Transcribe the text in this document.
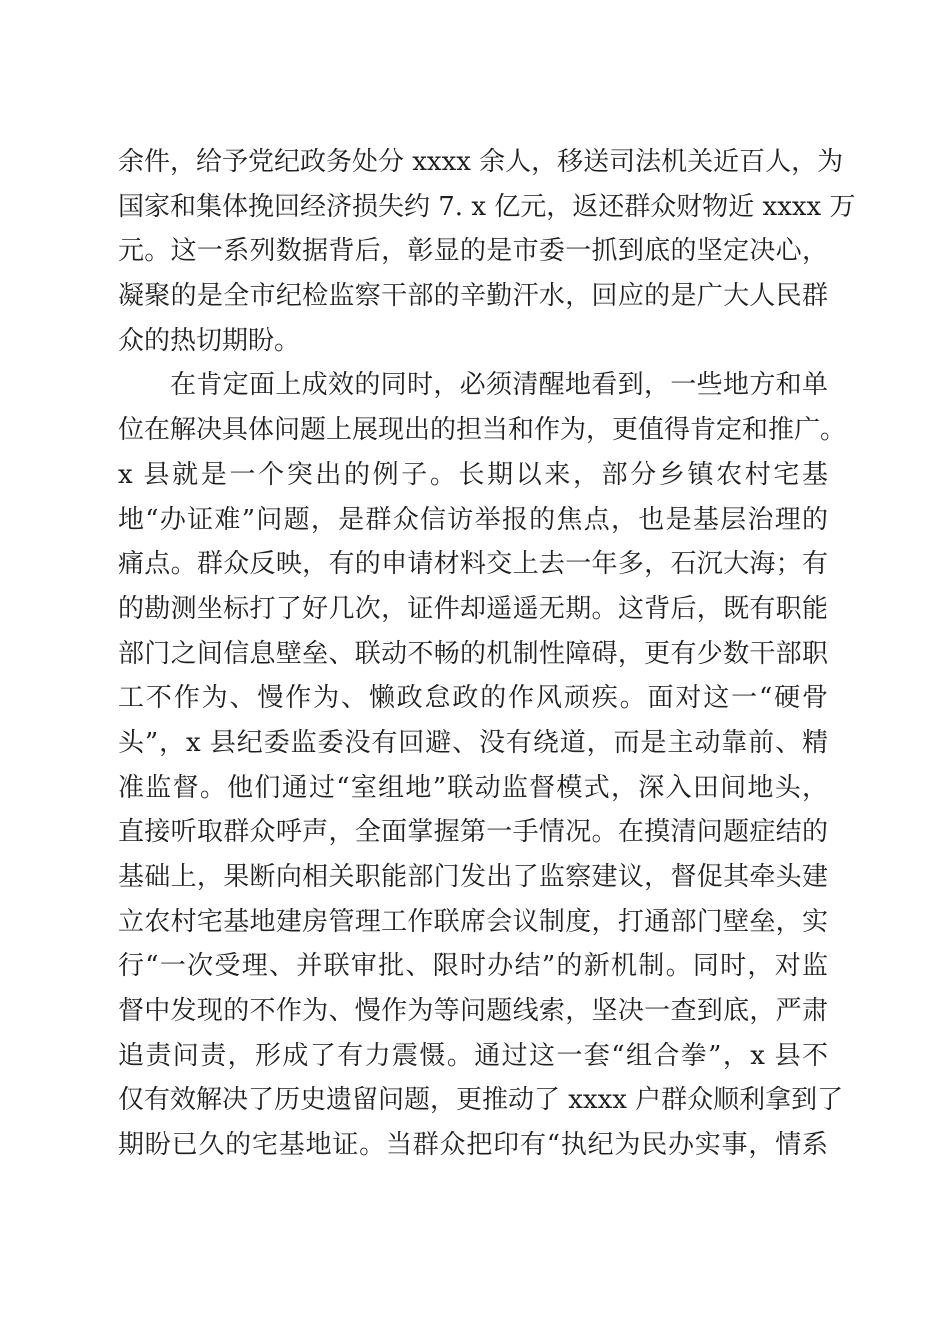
余件，给予党纪政务处分 xxxx 余人，移送司法机关近百人，为
国家和集体挽回经济损失约 7. x 亿元，返还群众财物近 xxxx 万
元。这一系列数据背后，彰显的是市委一抓到底的坚定决心，
凝聚的是全市纪检监察干部的辛勤汗水，回应的是广大人民群
众的热切期盼。
在肯定面上成效的同时，必须清醒地看到，一些地方和单
位在解决具体问题上展现出的担当和作为，更值得肯定和推广。
x 县就是一个突出的例子。长期以来，部分乡镇农村宅基
地“办证难”问题，是群众信访举报的焦点，也是基层治理的
痛点。群众反映，有的申请材料交上去一年多，石沉大海；有
的勘测坐标打了好几次，证件却遥遥无期。这背后，既有职能
部门之间信息壁垒、联动不畅的机制性障碍，更有少数干部职
工不作为、慢作为、懒政怠政的作风顽疾。面对这一“硬骨
头”，x 县纪委监委没有回避、没有绕道，而是主动靠前、精
准监督。他们通过“室组地”联动监督模式，深入田间地头，
直接听取群众呼声，全面掌握第一手情况。在摸清问题症结的
基础上，果断向相关职能部门发出了监察建议，督促其牵头建
立农村宅基地建房管理工作联席会议制度，打通部门壁垒，实
行“一次受理、并联审批、限时办结”的新机制。同时，对监
督中发现的不作为、慢作为等问题线索，坚决一查到底，严肃
追责问责，形成了有力震慑。通过这一套“组合拳”，x 县不
仅有效解决了历史遗留问题，更推动了 xxxx 户群众顺利拿到了
期盼已久的宅基地证。当群众把印有“执纪为民办实事，情系
